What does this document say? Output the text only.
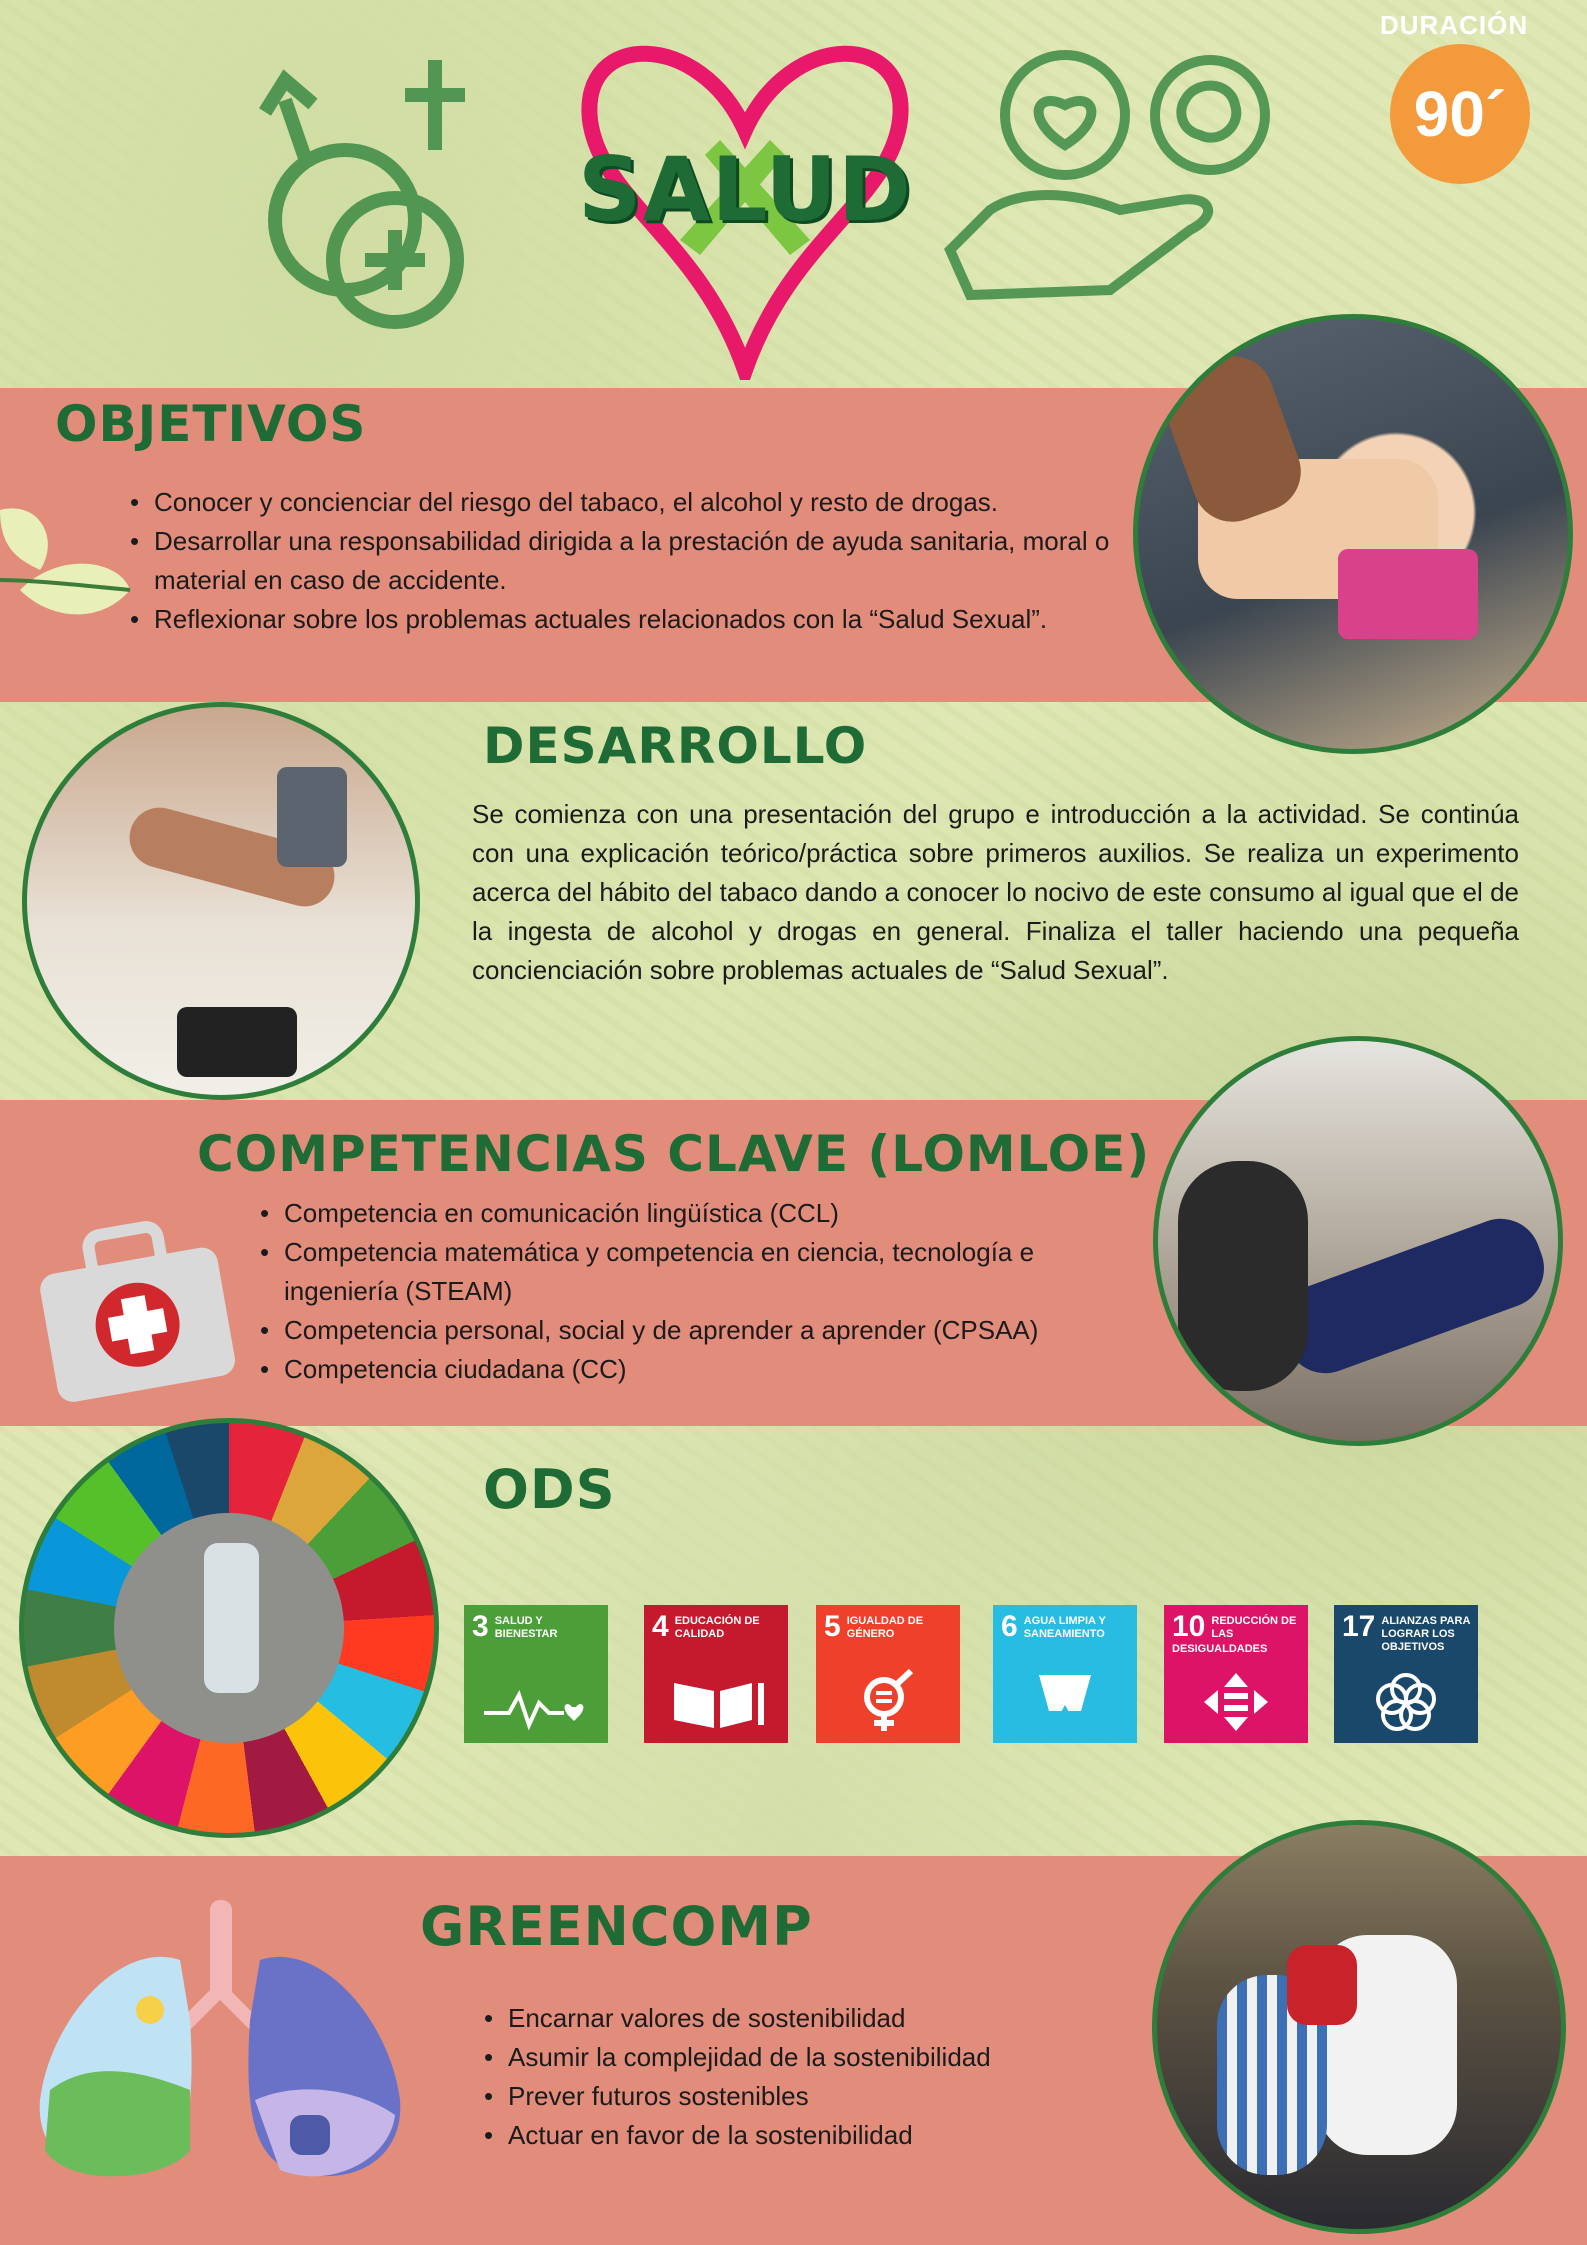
SALUD
DURACIÓN
90´
OBJETIVOS
• Conocer y concienciar del riesgo del tabaco, el alcohol y resto de drogas.
• Desarrollar una responsabilidad dirigida a la prestación de ayuda sanitaria, moral o material en caso de accidente.
• Reflexionar sobre los problemas actuales relacionados con la “Salud Sexual”.
DESARROLLO
Se comienza con una presentación del grupo e introducción a la actividad. Se continúa con una explicación teórico/práctica sobre primeros auxilios. Se realiza un experimento acerca del hábito del tabaco dando a conocer lo nocivo de este consumo al igual que el de la ingesta de alcohol y drogas en general. Finaliza el taller haciendo una pequeña concienciación sobre problemas actuales de “Salud Sexual”.
COMPETENCIAS CLAVE (LOMLOE)
• Competencia en comunicación lingüística (CCL)
• Competencia matemática y competencia en ciencia, tecnología e ingeniería (STEAM)
• Competencia personal, social y de aprender a aprender (CPSAA)
• Competencia ciudadana (CC)
ODS
3 SALUD Y BIENESTAR	4 EDUCACIÓN DE CALIDAD	5 IGUALDAD DE GÉNERO	6 AGUA LIMPIA Y SANEAMIENTO	10 REDUCCIÓN DE LAS DESIGUALDADES
17 ALIANZAS PARA LOGRAR LOS OBJETIVOS
GREENCOMP
• Encarnar valores de sostenibilidad
• Asumir la complejidad de la sostenibilidad
• Prever futuros sostenibles
• Actuar en favor de la sostenibilidad
